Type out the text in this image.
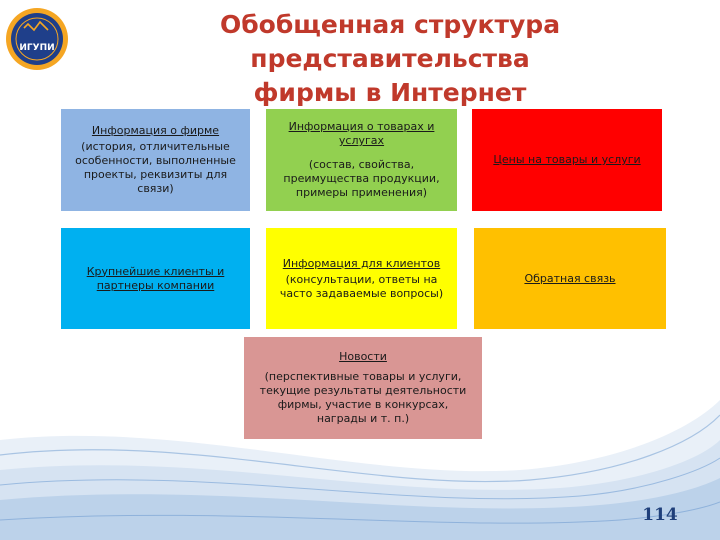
ИГУПИ
Обобщенная структура представительства
фирмы в Интернет
Информация о фирме
(история, отличительные особенности, выполненные проекты, реквизиты для связи)
Информация о товарах и услугах
(состав, свойства, преимущества продукции, примеры применения)
Цены на товары и услуги
Крупнейшие клиенты и партнеры компании
Информация для клиентов
(консультации, ответы на часто задаваемые вопросы)
Обратная связь
Новости
(перспективные товары и услуги, текущие результаты деятельности фирмы, участие в конкурсах, награды и т. п.)
114
